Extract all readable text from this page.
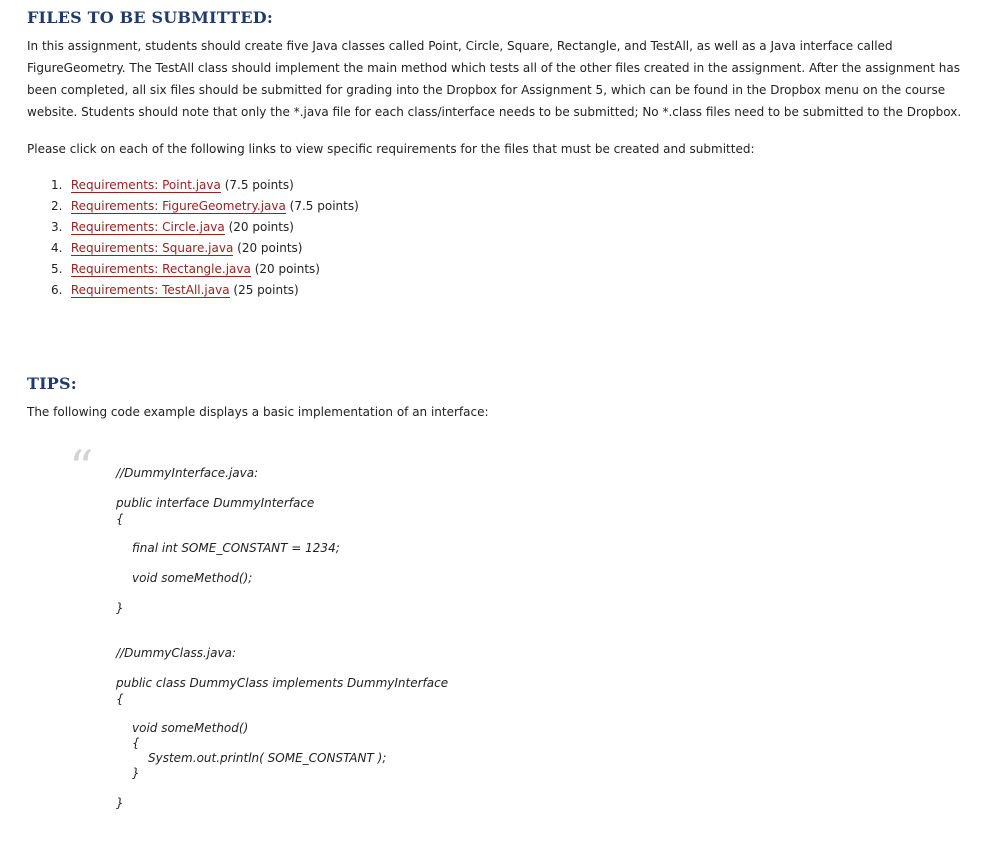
FILES TO BE SUBMITTED:

In this assignment, students should create five Java classes called Point, Circle, Square, Rectangle, and TestAll, as well as a Java interface called FigureGeometry. The TestAll class should implement the main method which tests all of the other files created in the assignment. After the assignment has been completed, all six files should be submitted for grading into the Dropbox for Assignment 5, which can be found in the Dropbox menu on the course website. Students should note that only the *.java file for each class/interface needs to be submitted; No *.class files need to be submitted to the Dropbox.

Please click on each of the following links to view specific requirements for the files that must be created and submitted:

1. Requirements: Point.java (7.5 points)
2. Requirements: FigureGeometry.java (7.5 points)
3. Requirements: Circle.java (20 points)
4. Requirements: Square.java (20 points)
5. Requirements: Rectangle.java (20 points)
6. Requirements: TestAll.java (25 points)
TIPS:

The following code example displays a basic implementation of an interface:

“ //DummyInterface.java:

public interface DummyInterface

{

final int SOME_CONSTANT = 1234;

void someMethod();

}

//DummyClass.java:

public class DummyClass implements DummyInterface

{

void someMethod()

{

System.out.println( SOME_CONSTANT );

}

}
